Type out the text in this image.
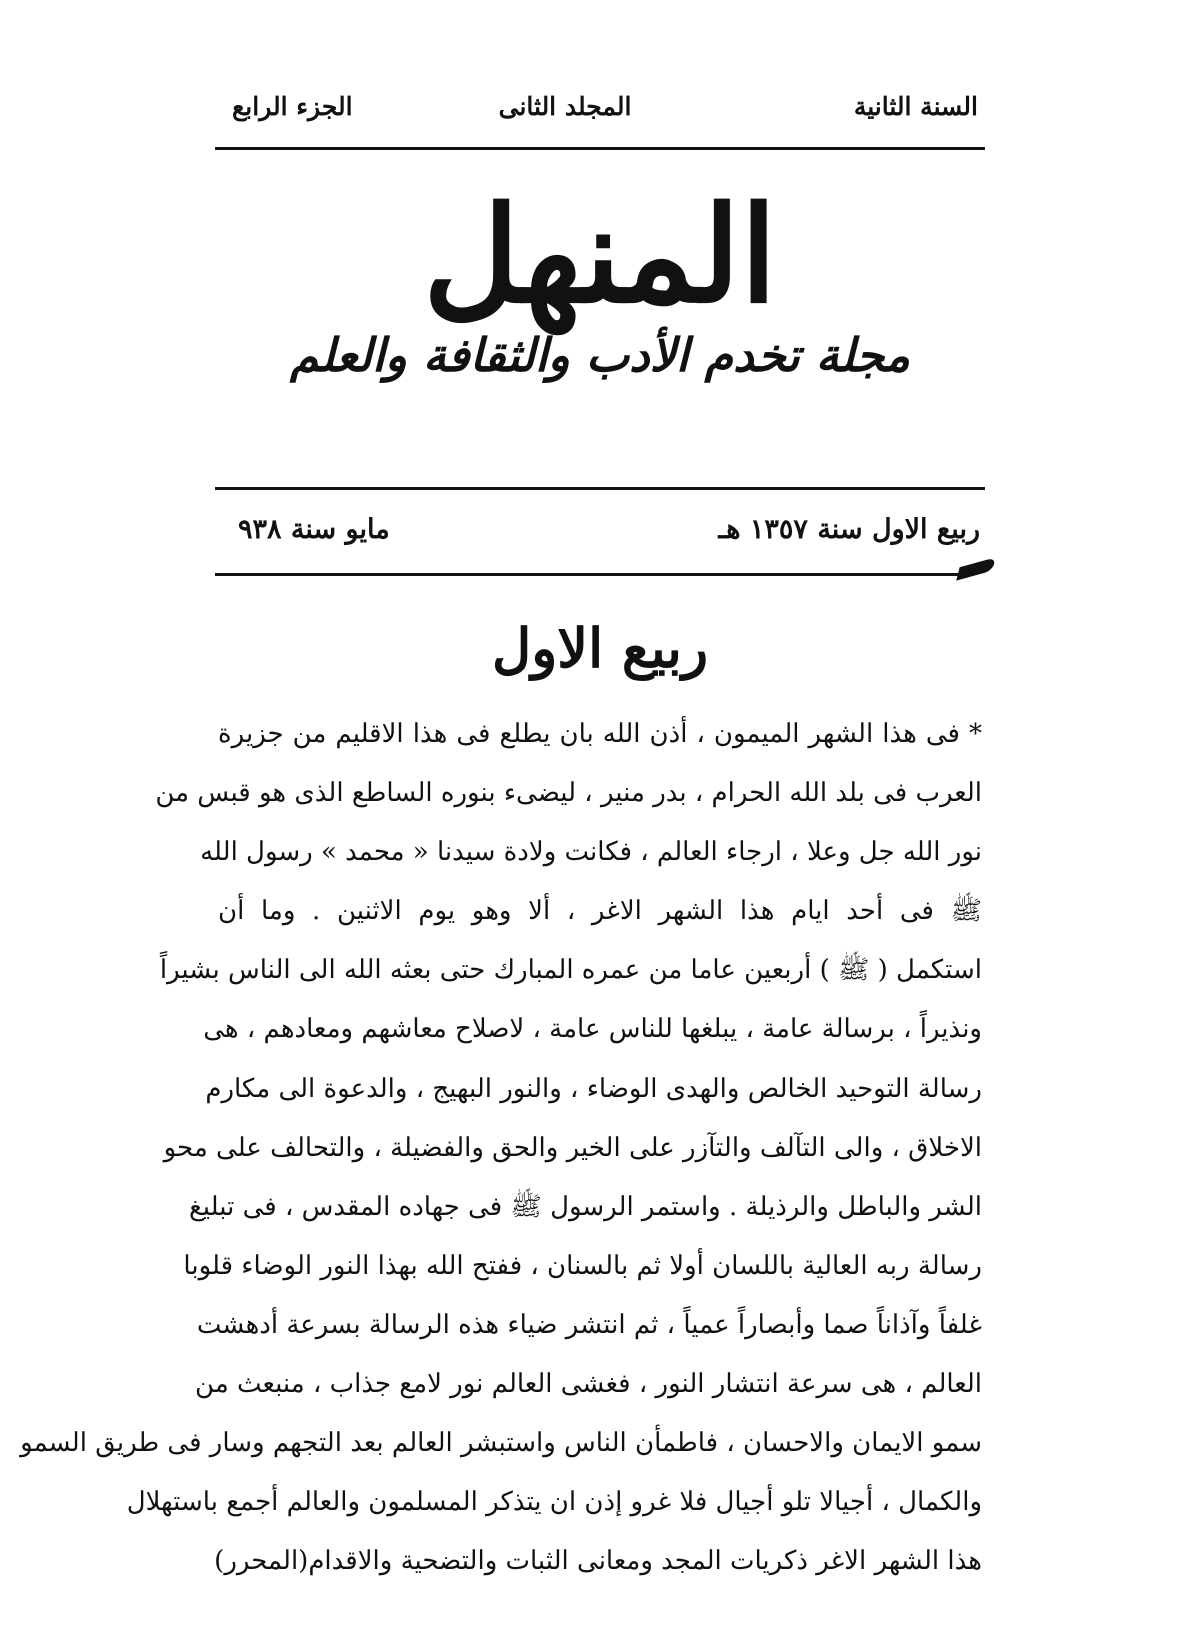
السنة الثانية
المجلد الثانى
الجزء الرابع
المنهل
مجلة تخدم الأدب والثقافة والعلم
ربيع الاول سنة ١٣٥٧ هـ
مايو سنة ٩٣٨
ربيع الاول
* فى هذا الشهر الميمون ، أذن الله بان يطلع فى هذا الاقليم من جزيرة
العرب فى بلد الله الحرام ، بدر منير ، ليضىء بنوره الساطع الذى هو قبس من
نور الله جل وعلا ، ارجاء العالم ، فكانت ولادة سيدنا « محمد » رسول الله
ﷺ فى أحد ايام هذا الشهر الاغر ، ألا وهو يوم الاثنين . وما أن
استكمل ( ﷺ ) أربعين عاما من عمره المبارك حتى بعثه الله الى الناس بشيراً
ونذيراً ، برسالة عامة ، يبلغها للناس عامة ، لاصلاح معاشهم ومعادهم ، هى
رسالة التوحيد الخالص والهدى الوضاء ، والنور البهيج ، والدعوة الى مكارم
الاخلاق ، والى التآلف والتآزر على الخير والحق والفضيلة ، والتحالف على محو
الشر والباطل والرذيلة . واستمر الرسول ﷺ فى جهاده المقدس ، فى تبليغ
رسالة ربه العالية باللسان أولا ثم بالسنان ، ففتح الله بهذا النور الوضاء قلوبا
غلفاً وآذاناً صما وأبصاراً عمياً ، ثم انتشر ضياء هذه الرسالة بسرعة أدهشت
العالم ، هى سرعة انتشار النور ، فغشى العالم نور لامع جذاب ، منبعث من
سمو الايمان والاحسان ، فاطمأن الناس واستبشر العالم بعد التجهم وسار فى طريق السمو
والكمال ، أجيالا تلو أجيال فلا غرو إذن ان يتذكر المسلمون والعالم أجمع باستهلال
هذا الشهر الاغر ذكريات المجد ومعانى الثبات والتضحية والاقدام
(المحرر)
